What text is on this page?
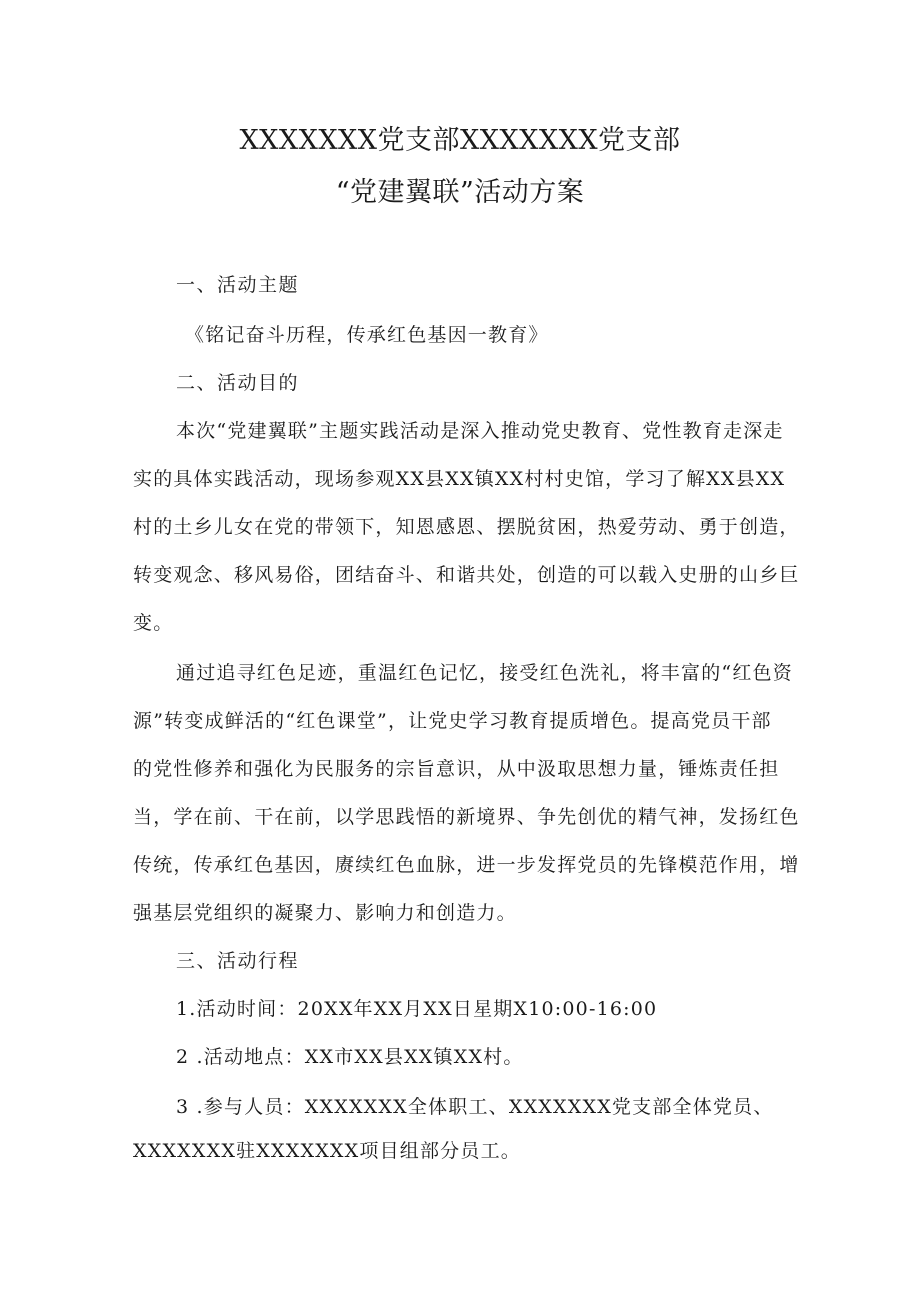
XXXXXXX党支部XXXXXXX党支部
“党建翼联”活动方案
一、活动主题
《铭记奋斗历程，传承红色基因一教育》
二、活动目的
本次“党建翼联”主题实践活动是深入推动党史教育、党性教育走深走
实的具体实践活动，现场参观XX县XX镇XX村村史馆，学习了解XX县XX
村的土乡儿女在党的带领下，知恩感恩、摆脱贫困，热爱劳动、勇于创造，
转变观念、移风易俗，团结奋斗、和谐共处，创造的可以载入史册的山乡巨
变。
通过追寻红色足迹，重温红色记忆，接受红色洗礼，将丰富的“红色资
源”转变成鲜活的“红色课堂”，让党史学习教育提质增色。提高党员干部
的党性修养和强化为民服务的宗旨意识，从中汲取思想力量，锤炼责任担
当，学在前、干在前，以学思践悟的新境界、争先创优的精气神，发扬红色
传统，传承红色基因，赓续红色血脉，进一步发挥党员的先锋模范作用，增
强基层党组织的凝聚力、影响力和创造力。
三、活动行程
1.活动时间：20XX年XX月XX日星期X10:00-16:00
2 .活动地点：XX市XX县XX镇XX村。
3 .参与人员：XXXXXXX全体职工、XXXXXXX党支部全体党员、
XXXXXXX驻XXXXXXX项目组部分员工。
